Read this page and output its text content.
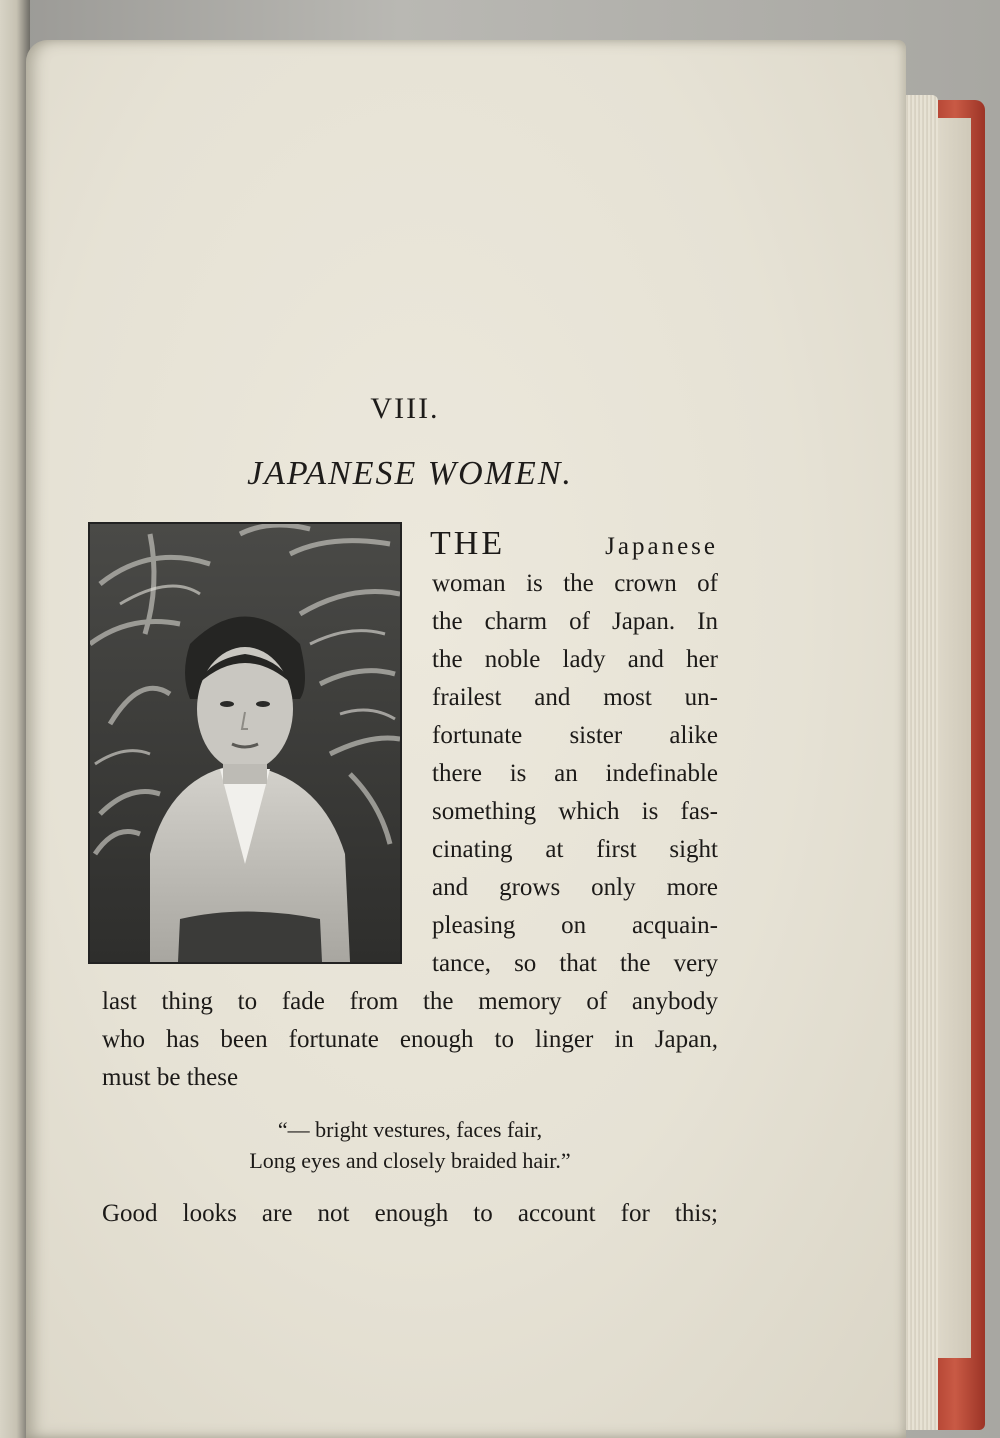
VIII.
JAPANESE WOMEN.
THE	Japanese
woman is the crown of
the charm of Japan. In
the noble lady and her
frailest and most un-
fortunate sister alike
there is an indefinable
something which is fas-
cinating at first sight
and grows only more
pleasing on acquain-
tance, so that the very
last thing to fade from the memory of anybody
who has been fortunate enough to linger in Japan,
must be these
“— bright vestures, faces fair,
Long eyes and closely braided hair.”
Good looks are not enough to account for this;
